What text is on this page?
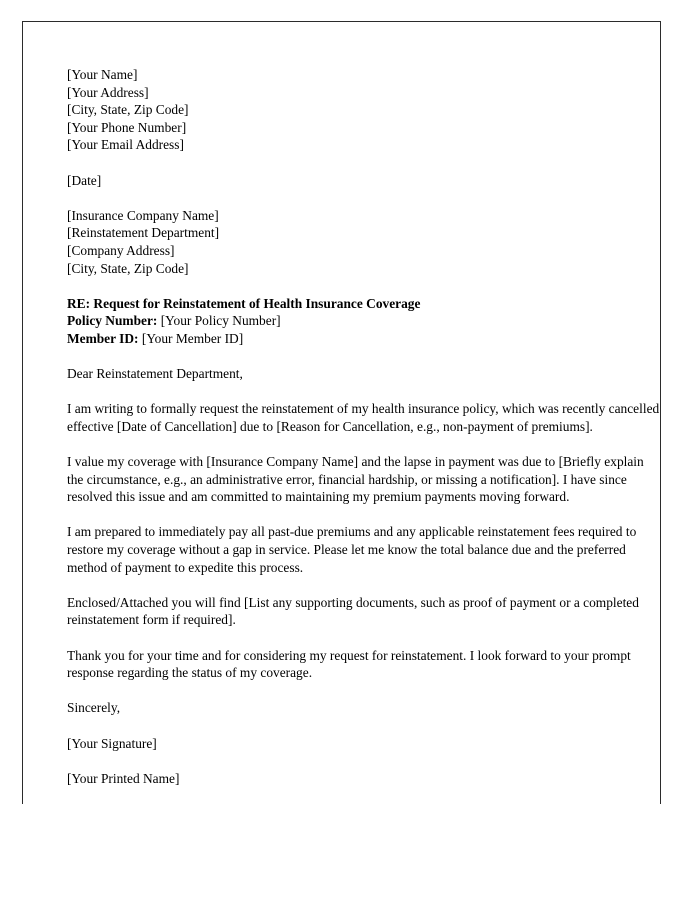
[Your Name]
[Your Address]
[City, State, Zip Code]
[Your Phone Number]
[Your Email Address]
[Date]
[Insurance Company Name]
[Reinstatement Department]
[Company Address]
[City, State, Zip Code]
RE: Request for Reinstatement of Health Insurance Coverage
Policy Number: [Your Policy Number]
Member ID: [Your Member ID]

Dear Reinstatement Department,

I am writing to formally request the reinstatement of my health insurance policy, which was recently cancelled effective [Date of Cancellation] due to [Reason for Cancellation, e.g., non-payment of premiums].

I value my coverage with [Insurance Company Name] and the lapse in payment was due to [Briefly explain the circumstance, e.g., an administrative error, financial hardship, or missing a notification]. I have since resolved this issue and am committed to maintaining my premium payments moving forward.

I am prepared to immediately pay all past-due premiums and any applicable reinstatement fees required to restore my coverage without a gap in service. Please let me know the total balance due and the preferred method of payment to expedite this process.

Enclosed/Attached you will find [List any supporting documents, such as proof of payment or a completed reinstatement form if required].

Thank you for your time and for considering my request for reinstatement. I look forward to your prompt response regarding the status of my coverage.

Sincerely,

[Your Signature]

[Your Printed Name]
